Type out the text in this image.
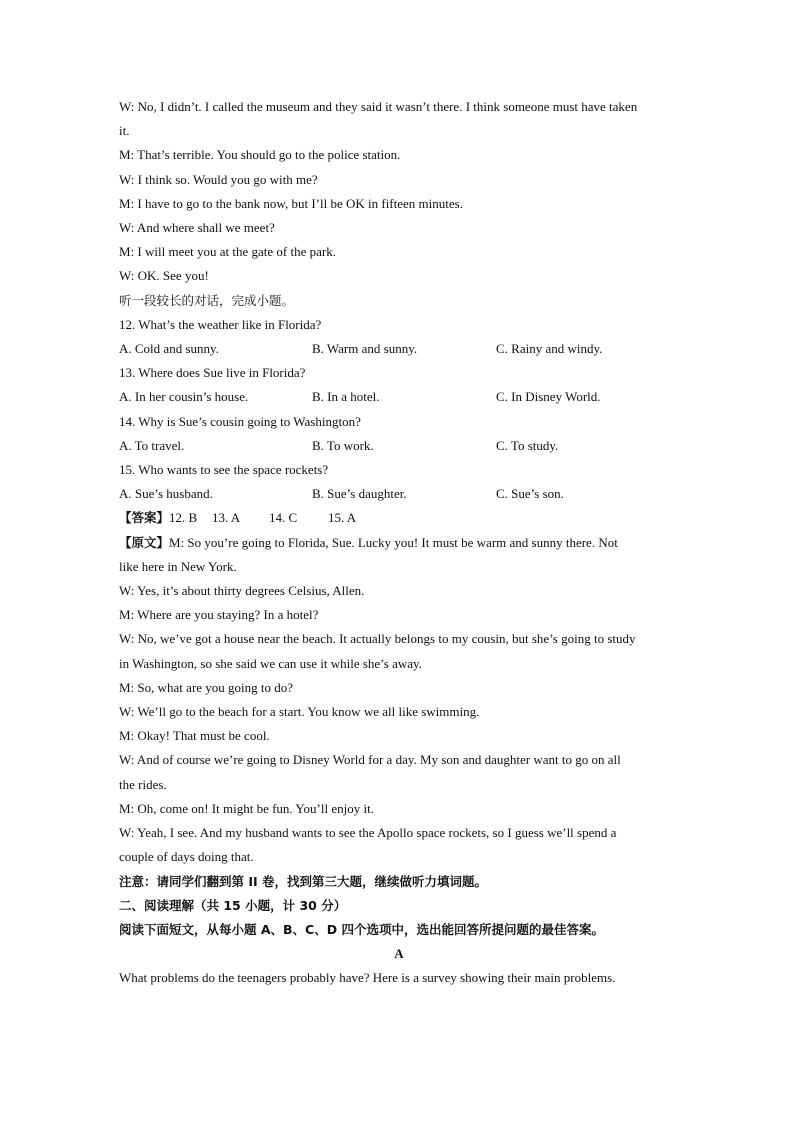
W: No, I didn’t. I called the museum and they said it wasn’t there. I think someone must have taken
it.
M: That’s terrible. You should go to the police station.
W: I think so. Would you go with me?
M: I have to go to the bank now, but I’ll be OK in fifteen minutes.
W: And where shall we meet?
M: I will meet you at the gate of the park.
W: OK. See you!
听一段较长的对话，完成小题。
12. What’s the weather like in Florida?
A. Cold and sunny.	B. Warm and sunny.	C. Rainy and windy.
13. Where does Sue live in Florida?
A. In her cousin’s house.	B. In a hotel.	C. In Disney World.
14. Why is Sue’s cousin going to Washington?
A. To travel.	B. To work.	C. To study.
15. Who wants to see the space rockets?
A. Sue’s husband.	B. Sue’s daughter.	C. Sue’s son.
【答案】12. B 13. A 14. C 15. A
【原文】M: So you’re going to Florida, Sue. Lucky you! It must be warm and sunny there. Not
like here in New York.
W: Yes, it’s about thirty degrees Celsius, Allen.
M: Where are you staying? In a hotel?
W: No, we’ve got a house near the beach. It actually belongs to my cousin, but she’s going to study
in Washington, so she said we can use it while she’s away.
M: So, what are you going to do?
W: We’ll go to the beach for a start. You know we all like swimming.
M: Okay! That must be cool.
W: And of course we’re going to Disney World for a day. My son and daughter want to go on all
the rides.
M: Oh, come on! It might be fun. You’ll enjoy it.
W: Yeah, I see. And my husband wants to see the Apollo space rockets, so I guess we’ll spend a
couple of days doing that.
注意：请同学们翻到第 II 卷，找到第三大题，继续做听力填词题。
二、阅读理解（共 15 小题，计 30 分）
阅读下面短文，从每小题 A、B、C、D 四个选项中，选出能回答所提问题的最佳答案。
A
What problems do the teenagers probably have? Here is a survey showing their main problems.
